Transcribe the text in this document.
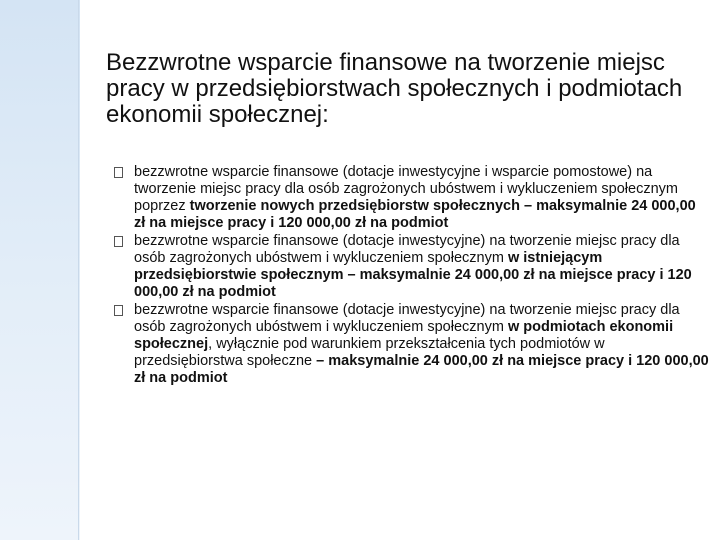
Bezzwrotne wsparcie finansowe na tworzenie miejsc pracy w przedsiębiorstwach społecznych i podmiotach ekonomii społecznej:
bezzwrotne wsparcie finansowe (dotacje inwestycyjne i wsparcie pomostowe) na tworzenie miejsc pracy dla osób zagrożonych ubóstwem i wykluczeniem społecznym poprzez tworzenie nowych przedsiębiorstw społecznych – maksymalnie 24 000,00 zł na miejsce pracy i 120 000,00 zł na podmiot
bezzwrotne wsparcie finansowe (dotacje inwestycyjne) na tworzenie miejsc pracy dla osób zagrożonych ubóstwem i wykluczeniem społecznym w istniejącym przedsiębiorstwie społecznym – maksymalnie 24 000,00 zł na miejsce pracy i 120 000,00 zł na podmiot
bezzwrotne wsparcie finansowe (dotacje inwestycyjne) na tworzenie miejsc pracy dla osób zagrożonych ubóstwem i wykluczeniem społecznym w podmiotach ekonomii społecznej, wyłącznie pod warunkiem przekształcenia tych podmiotów w przedsiębiorstwa społeczne – maksymalnie 24 000,00 zł na miejsce pracy i 120 000,00 zł na podmiot
